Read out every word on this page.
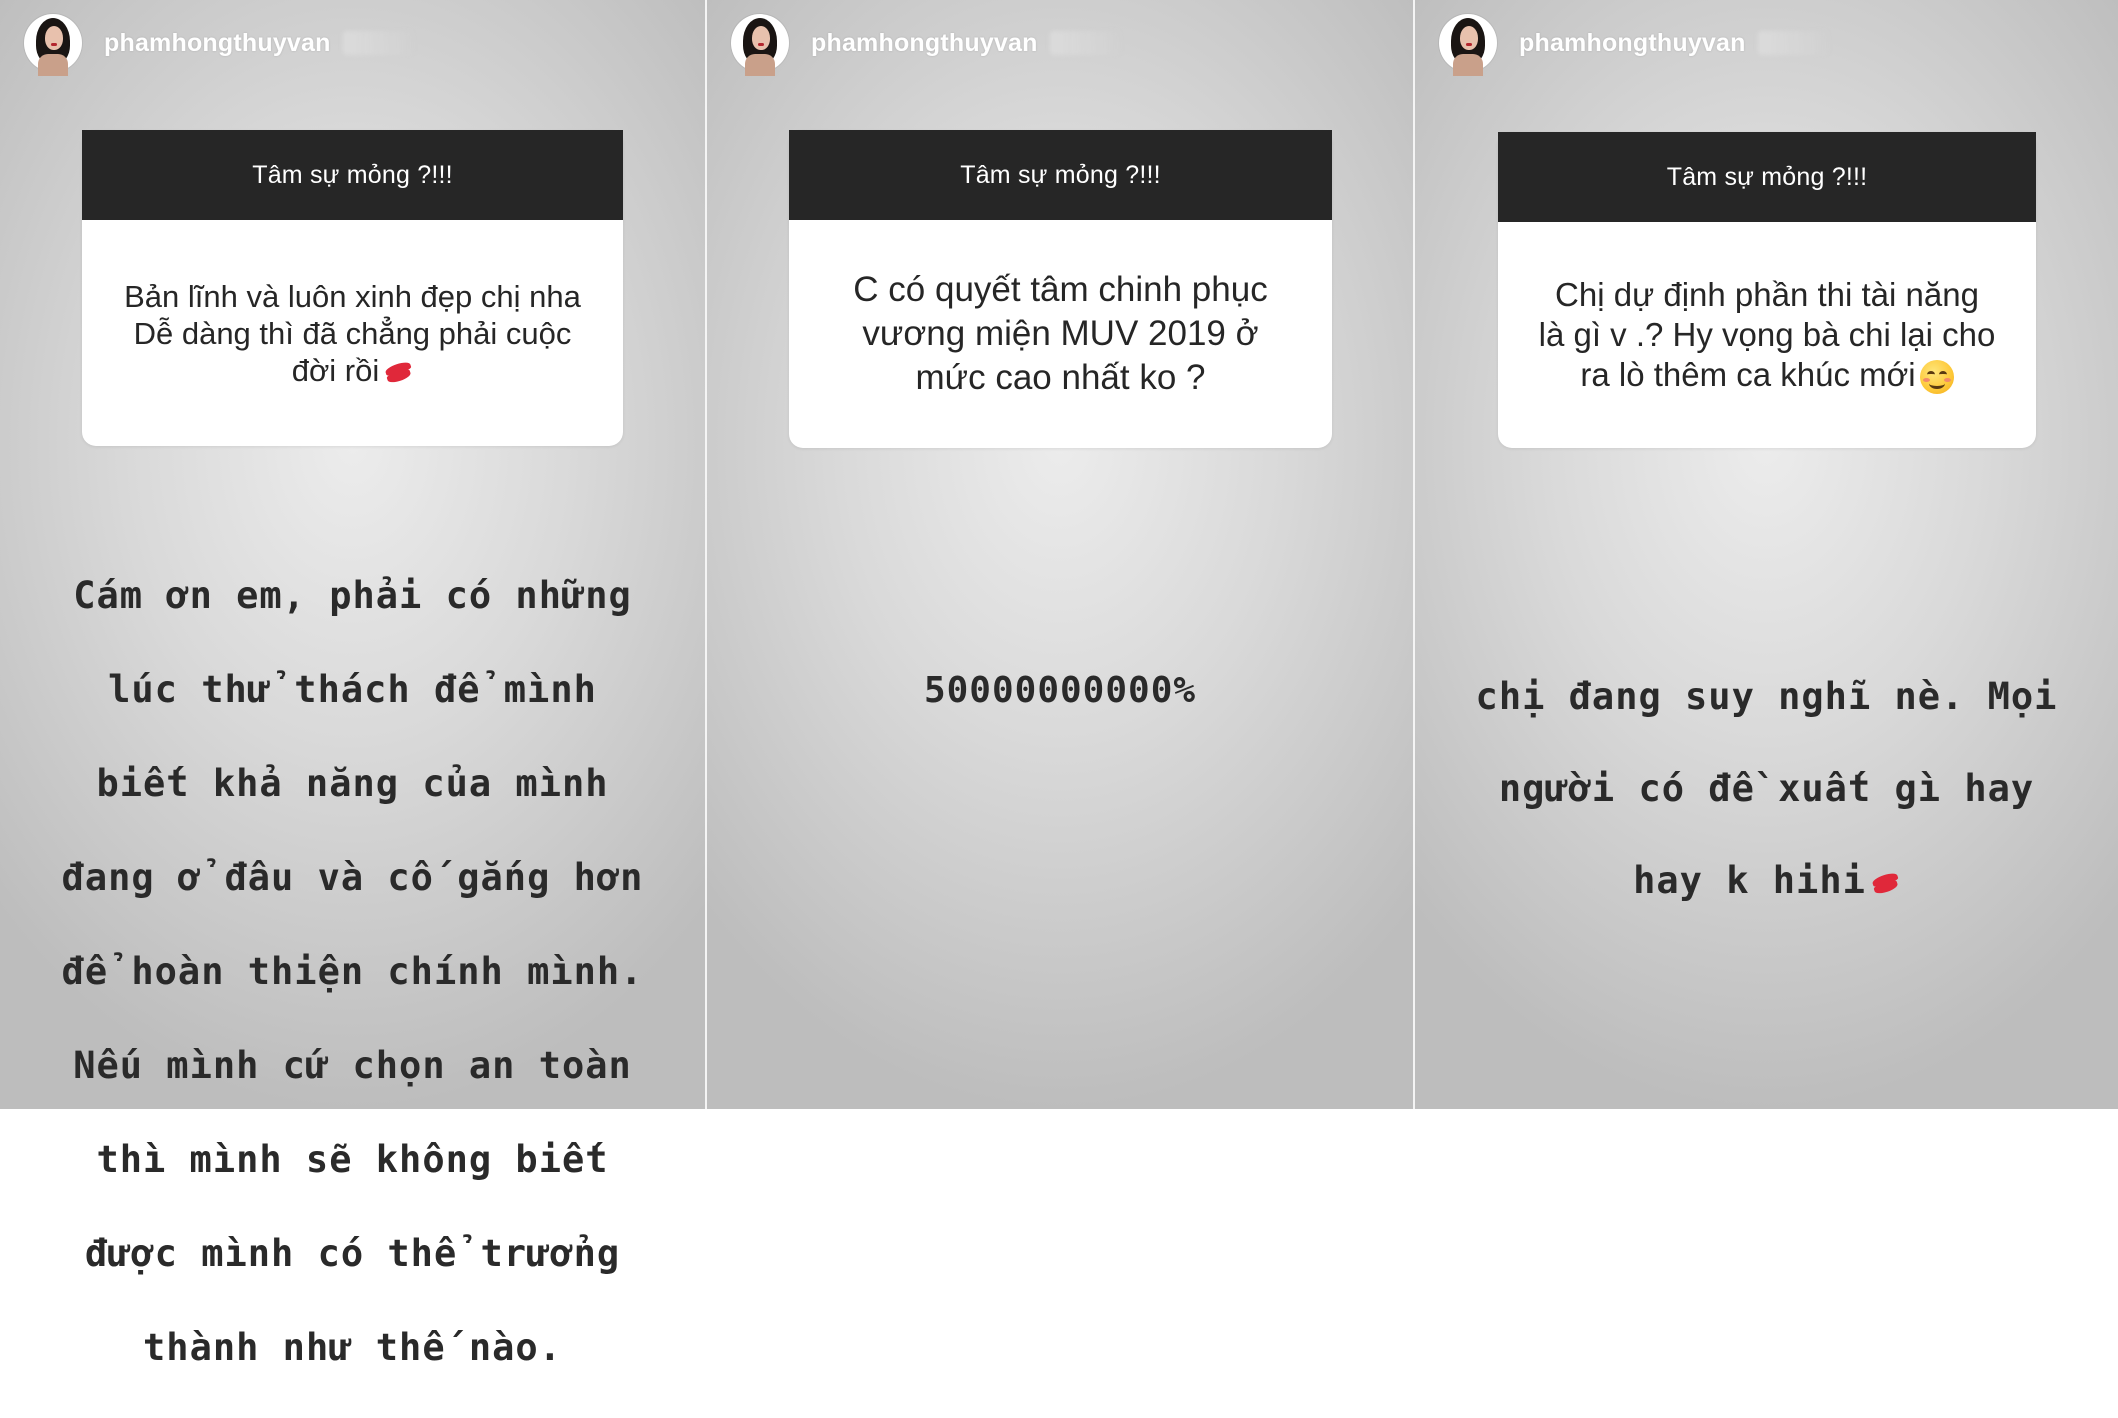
phamhongthuyvan
Tâm sự mỏng ?!!!
Bản lĩnh và luôn xinh đẹp chị nha
Dễ dàng thì đã chẳng phải cuộc
đời rồi

Cám ơn em, phải có những

lúc thử thách để mình

biết khả năng của mình

đang ở đâu và cố gắng hơn

để hoàn thiện chính mình.

Nếu mình cứ chọn an toàn

thì mình sẽ không biết

được mình có thể trưởng

thành như thế nào.

phamhongthuyvan
Tâm sự mỏng ?!!!
C có quyết tâm chinh phục
vương miện MUV 2019 ở
mức cao nhất ko ?

50000000000%

phamhongthuyvan
Tâm sự mỏng ?!!!
Chị dự định phần thi tài năng
là gì v .? Hy vọng bà chi lại cho
ra lò thêm ca khúc mới

chị đang suy nghĩ nè. Mọi

người có đề xuất gì hay

hay k hihi
